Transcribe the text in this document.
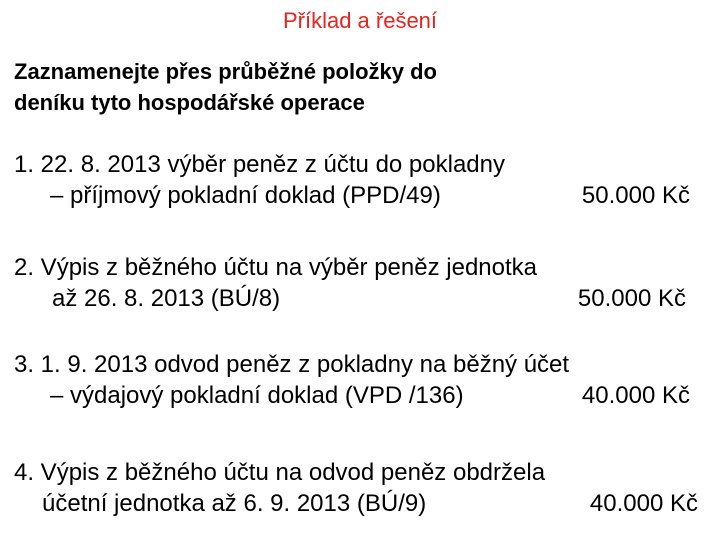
Příklad a řešení
Zaznamenejte přes průběžné položky do
deníku tyto hospodářské operace
1. 22. 8. 2013 výběr peněz z účtu do pokladny
– příjmový pokladní doklad (PPD/49)	50.000 Kč
2. Výpis z běžného účtu na výběr peněz jednotka
až 26. 8. 2013 (BÚ/8)	50.000 Kč
3. 1. 9. 2013 odvod peněz z pokladny na běžný účet
– výdajový pokladní doklad (VPD /136)	40.000 Kč
4. Výpis z běžného účtu na odvod peněz obdržela
účetní jednotka až 6. 9. 2013 (BÚ/9)	40.000 Kč
